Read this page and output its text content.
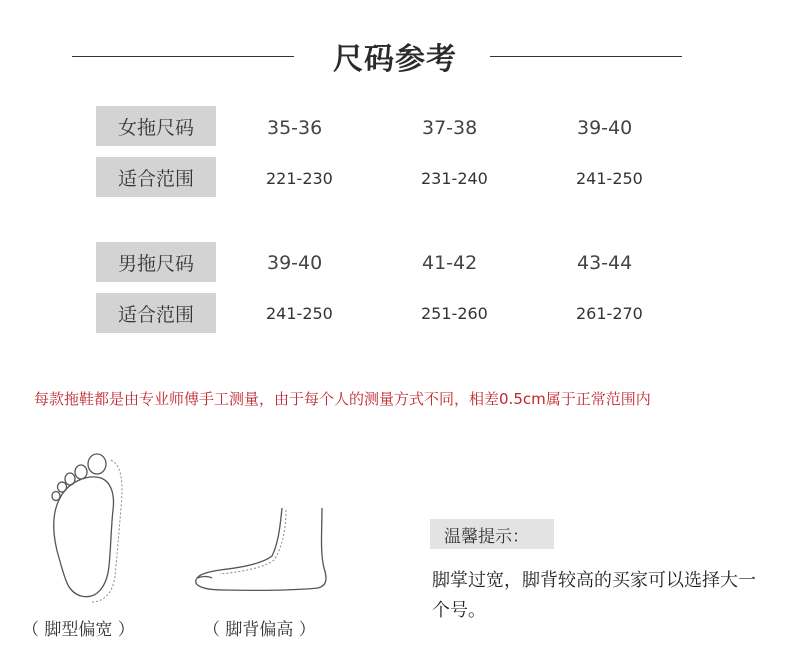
尺码参考
女拖尺码	35-36	37-38	39-40
适合范围	221-230	231-240	241-250
男拖尺码	39-40	41-42	43-44
适合范围	241-250	251-260	261-270
每款拖鞋都是由专业师傅手工测量，由于每个人的测量方式不同，相差0.5cm属于正常范围内
（ 脚型偏宽 ）	（ 脚背偏高 ）
温馨提示：
脚掌过宽，脚背较高的买家可以选择大一个号。
